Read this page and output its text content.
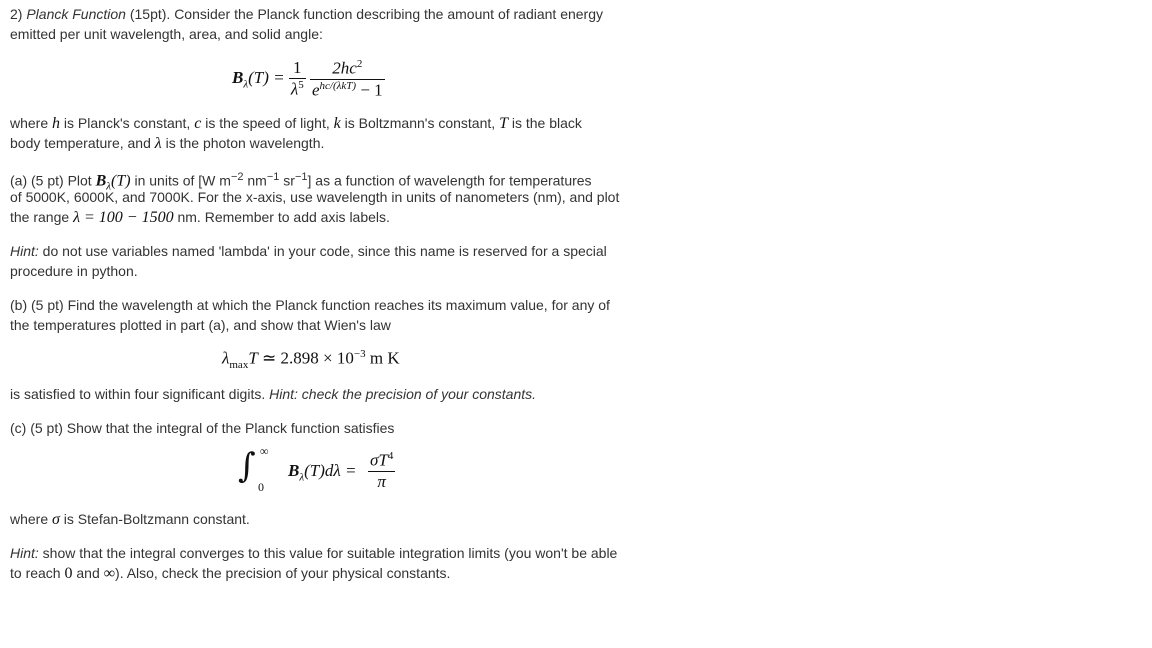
2) Planck Function (15pt). Consider the Planck function describing the amount of radiant energy
emitted per unit wavelength, area, and solid angle:
$B_\lambda(T) = \frac{1}{\lambda^5}$
$\frac{2hc^2}{e^{hc/(\lambda kT)} - 1}$
where h is Planck's constant, c is the speed of light, k is Boltzmann's constant, T is the black
body temperature, and λ is the photon wavelength.
(a) (5 pt) Plot $B_\lambda(T)$ in units of [W $m^{-2}$ $nm^{-1}$ $sr^{-1}$] as a function of wavelength for temperatures
of 5000K, 6000K, and 7000K. For the x-axis, use wavelength in units of nanometers (nm), and plot
the range λ = 100 − 1500 nm. Remember to add axis labels.
Hint: do not use variables named 'lambda' in your code, since this name is reserved for a special
procedure in python.
(b) (5 pt) Find the wavelength at which the Planck function reaches its maximum value, for any of
the temperatures plotted in part (a), and show that Wien's law
$\lambda_{max}T$ ≃ $2.898 \times 10^{-3}$ m K
is satisfied to within four significant digits. Hint: check the precision of your constants.
(c) (5 pt) Show that the integral of the Planck function satisfies
∫ ∞
0
$B_\lambda(T)d\lambda = \frac{\sigma T^4}{\pi}$
where σ is Stefan-Boltzmann constant.
Hint: show that the integral converges to this value for suitable integration limits (you won't be able
to reach 0 and ∞). Also, check the precision of your physical constants.
